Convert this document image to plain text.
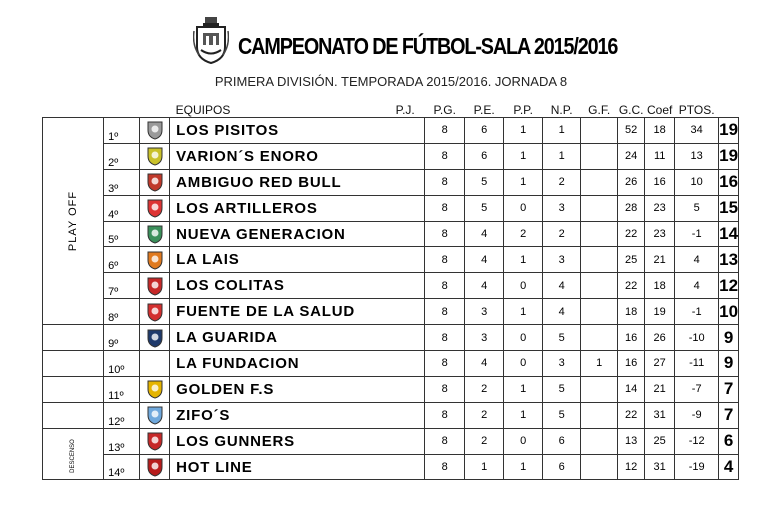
CAMPEONATO DE FÚTBOL-SALA 2015/2016
PRIMERA DIVISIÓN. TEMPORADA 2015/2016. JORNADA 8
			EQUIPOS	P.J.	P.G.	P.E.	P.P.	N.P.	G.F.	G.C.	Coef	PTOS.	
PLAY OFF	1º		LOS PISITOS		8	6	1	1		52	18	34	19
	2º		VARION´S ENORO		8	6	1	1		24	11	13	19
	3º		AMBIGUO RED BULL		8	5	1	2		26	16	10	16
	4º		LOS ARTILLEROS		8	5	0	3		28	23	5	15
	5º		NUEVA GENERACION		8	4	2	2		22	23	-1	14
	6º		LA LAIS		8	4	1	3		25	21	4	13
	7º		LOS COLITAS		8	4	0	4		22	18	4	12
	8º		FUENTE DE LA SALUD		8	3	1	4		18	19	-1	10
	9º		LA GUARIDA		8	3	0	5		16	26	-10	9
	10º		LA FUNDACION		8	4	0	3	1	16	27	-11	9
	11º		GOLDEN F.S		8	2	1	5		14	21	-7	7
	12º		ZIFO´S		8	2	1	5		22	31	-9	7
DESCENSO	13º		LOS GUNNERS		8	2	0	6		13	25	-12	6
	14º		HOT LINE		8	1	1	6		12	31	-19	4
